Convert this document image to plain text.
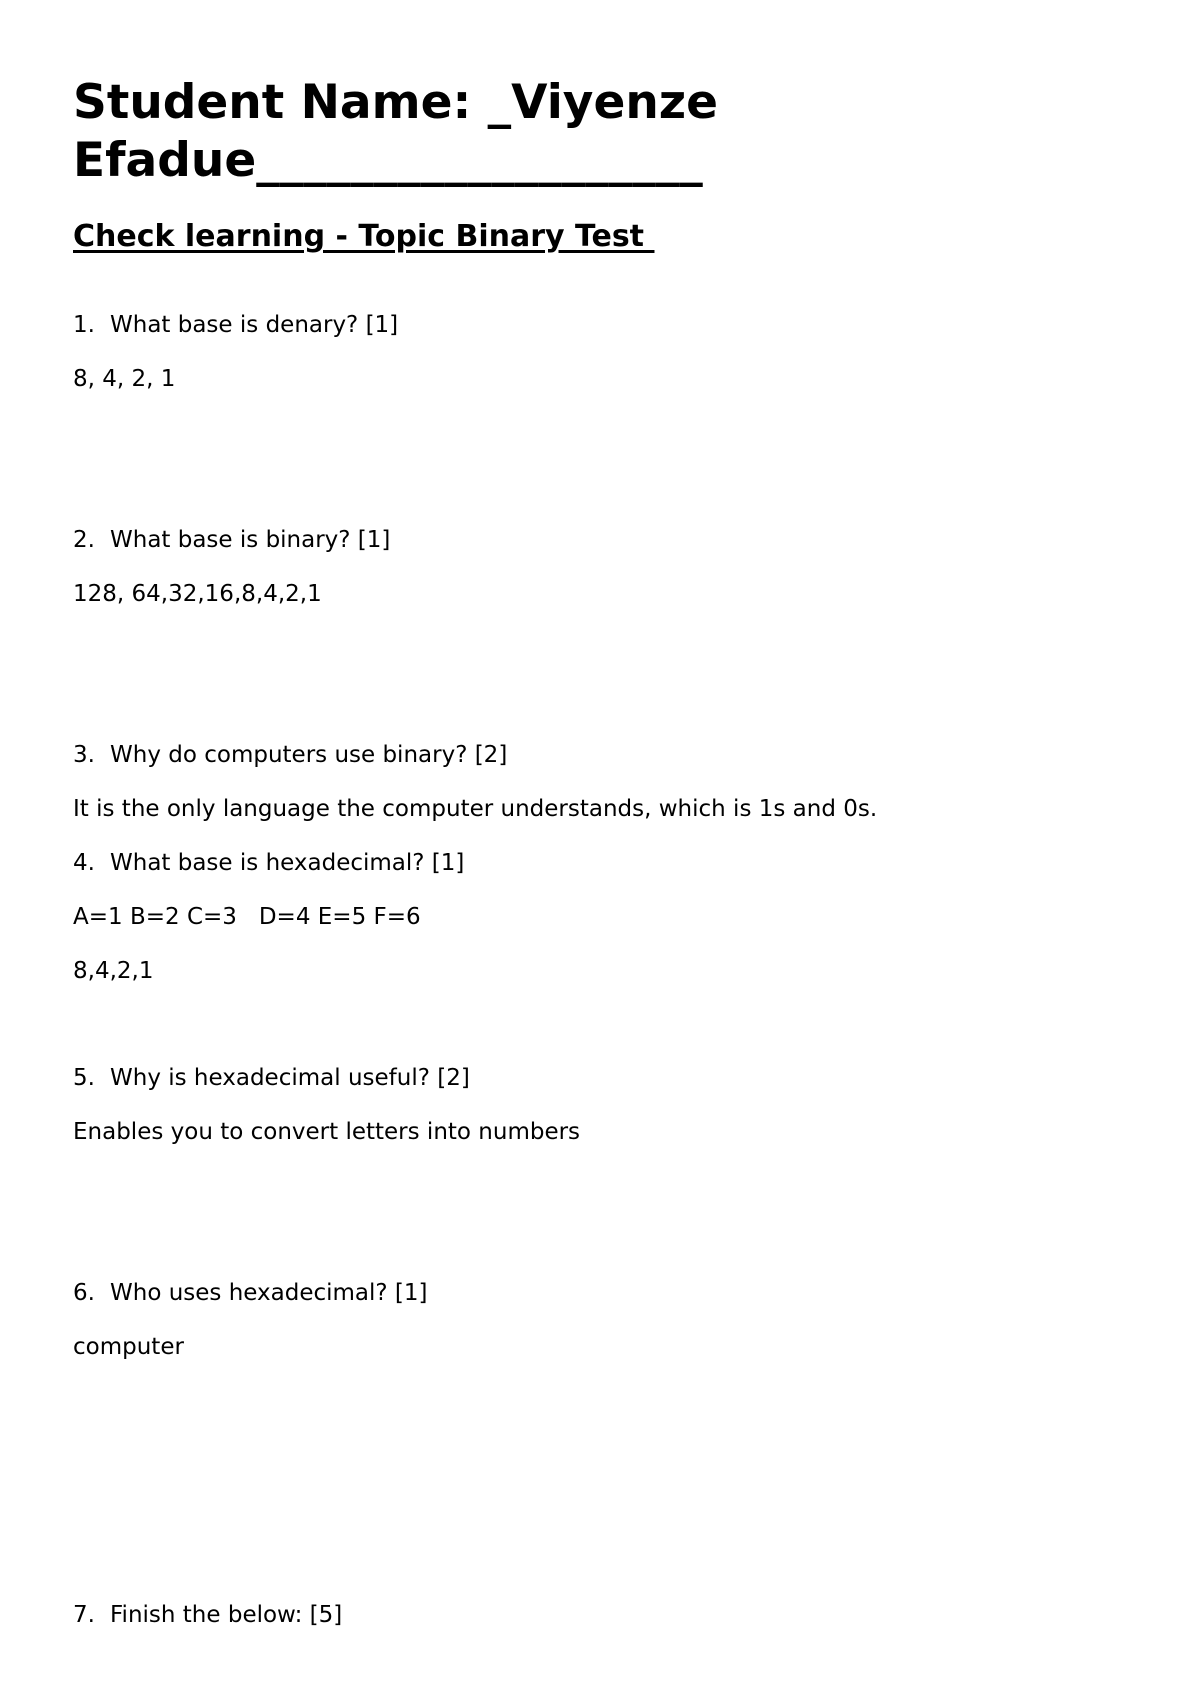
Student Name: _Viyenze Efadue___________________
Check learning - Topic Binary Test

1. What base is denary? [1]

8, 4, 2, 1

2. What base is binary? [1]

128, 64,32,16,8,4,2,1

3. Why do computers use binary? [2]

It is the only language the computer understands, which is 1s and 0s.

4. What base is hexadecimal? [1]

A=1 B=2 C=3   D=4 E=5 F=6

8,4,2,1

5. Why is hexadecimal useful? [2]

Enables you to convert letters into numbers

6. Who uses hexadecimal? [1]

computer

7. Finish the below: [5]
